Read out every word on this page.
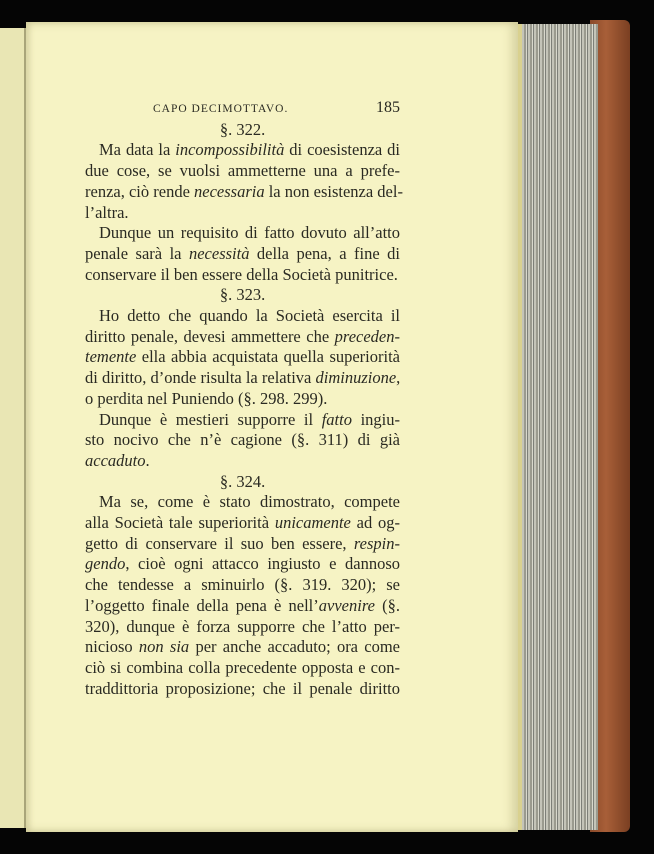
CAPO DECIMOTTAVO.	185
§. 322.
Ma data la incompossibilità di coesistenza di
due cose, se vuolsi ammetterne una a prefe-
renza, ciò rende necessaria la non esistenza del-
l’altra.
Dunque un requisito di fatto dovuto all’atto
penale sarà la necessità della pena, a fine di
conservare il ben essere della Società punitrice.
§. 323.
Ho detto che quando la Società esercita il
diritto penale, devesi ammettere che preceden-
temente ella abbia acquistata quella superiorità
di diritto, d’onde risulta la relativa diminuzione,
o perdita nel Puniendo (§. 298. 299).
Dunque è mestieri supporre il fatto ingiu-
sto nocivo che n’è cagione (§. 311) di già
accaduto.
§. 324.
Ma se, come è stato dimostrato, compete
alla Società tale superiorità unicamente ad og-
getto di conservare il suo ben essere, respin-
gendo, cioè ogni attacco ingiusto e dannoso
che tendesse a sminuirlo (§. 319. 320); se
l’oggetto finale della pena è nell’avvenire (§.
320), dunque è forza supporre che l’atto per-
nicioso non sia per anche accaduto; ora come
ciò si combina colla precedente opposta e con-
traddittoria proposizione; che il penale diritto
